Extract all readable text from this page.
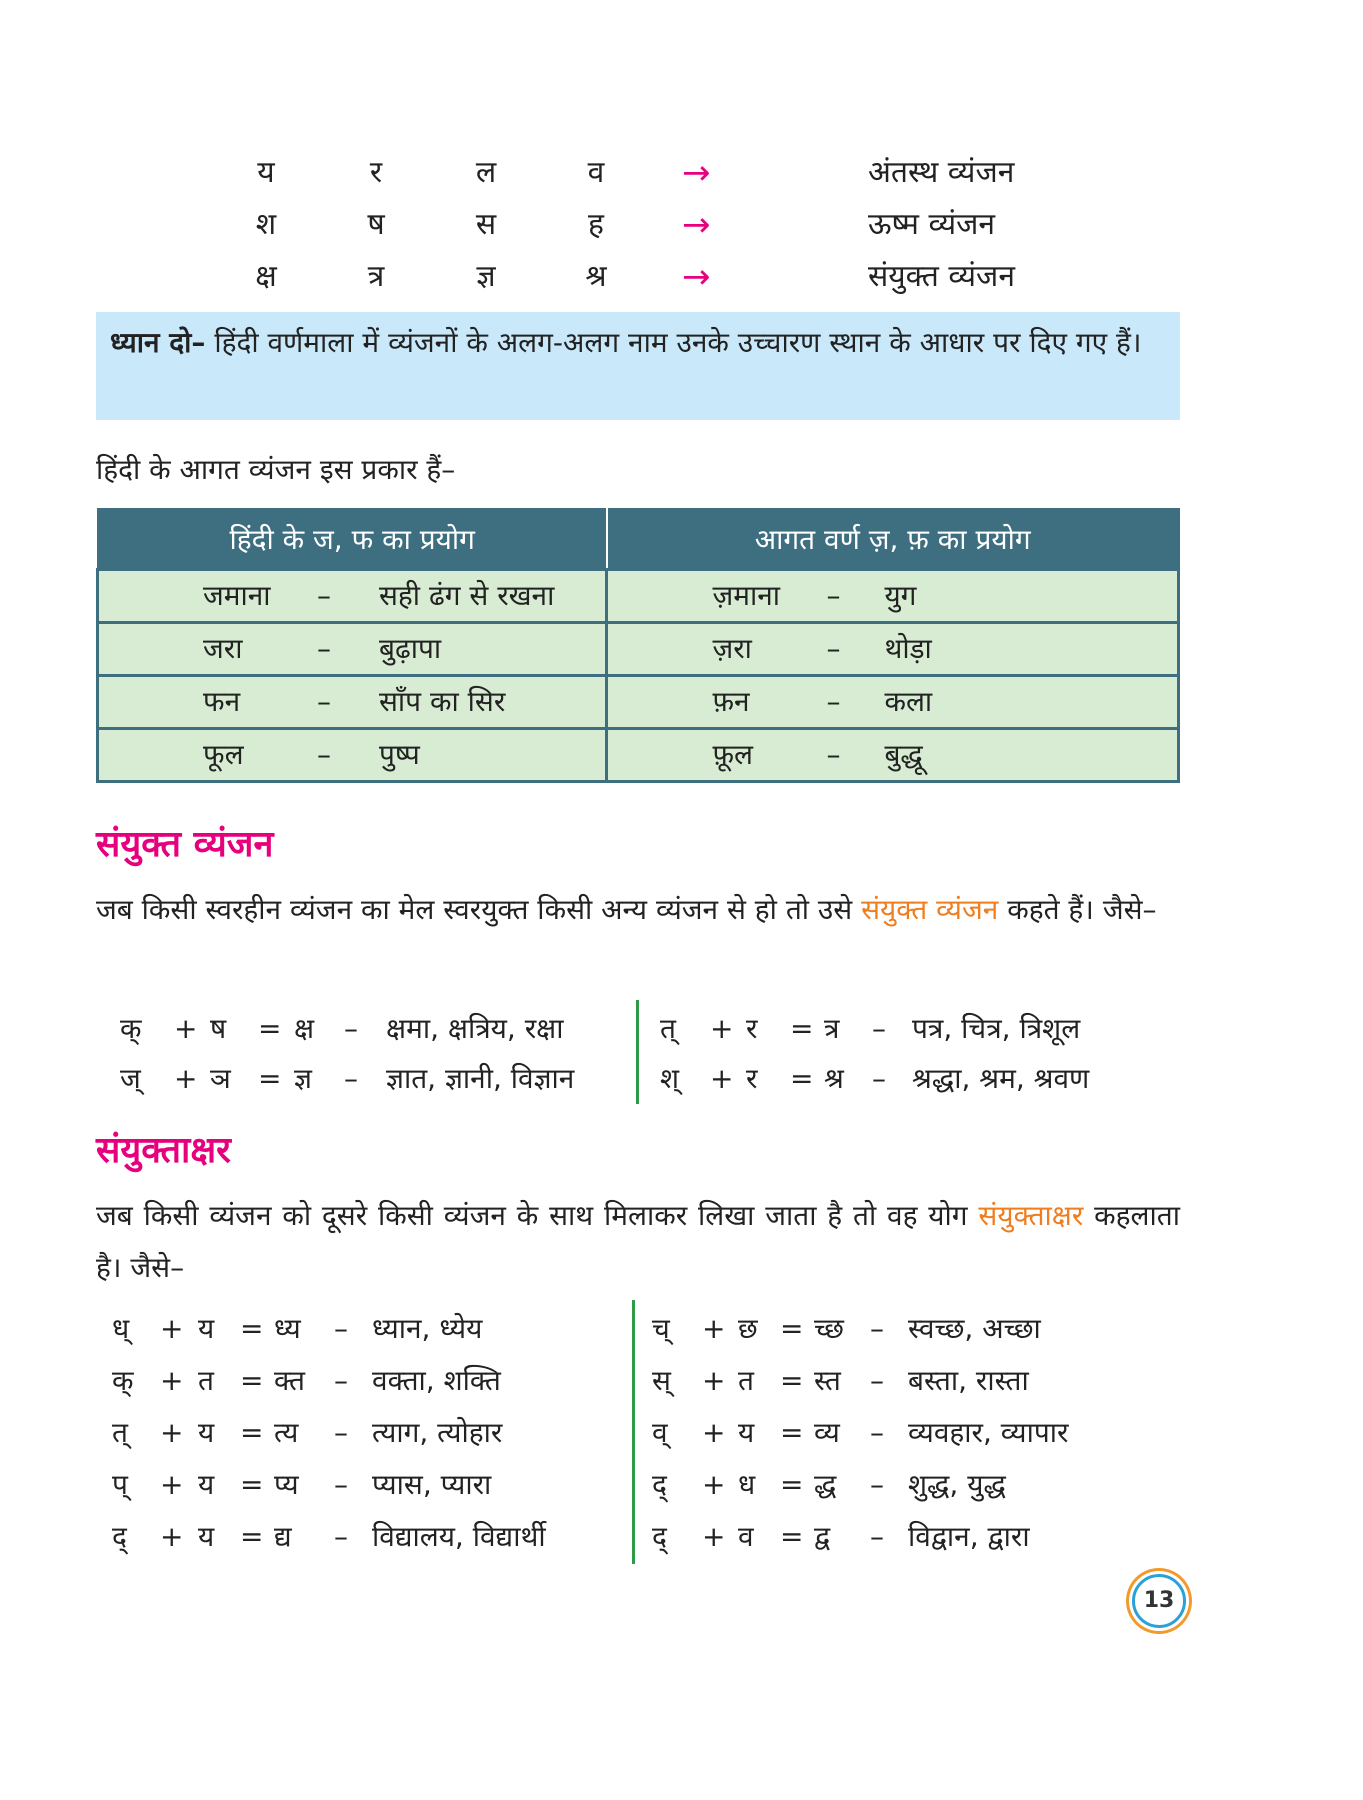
य	र	ल	व	→	अंतस्थ व्यंजन
श	ष	स	ह	→	ऊष्म व्यंजन
क्ष	त्र	ज्ञ	श्र	→	संयुक्त व्यंजन
ध्यान दो– हिंदी वर्णमाला में व्यंजनों के अलग-अलग नाम उनके उच्चारण स्थान के आधार पर दिए गए हैं।
हिंदी के आगत व्यंजन इस प्रकार हैं–
हिंदी के ज, फ का प्रयोग	आगत वर्ण ज़, फ़ का प्रयोग

जमाना – सही ढंग से रखना	ज़माना – युग

जरा – बुढ़ापा	ज़रा – थोड़ा

फन – साँप का सिर	फ़न – कला

फूल – पुष्प	फ़ूल – बुद्धू
संयुक्त व्यंजन
जब किसी स्वरहीन व्यंजन का मेल स्वरयुक्त किसी अन्य व्यंजन से हो तो उसे संयुक्त व्यंजन कहते हैं। जैसे–
क् + ष = क्ष – क्षमा, क्षत्रिय, रक्षा	त् + र = त्र – पत्र, चित्र, त्रिशूल
ज् + ञ = ज्ञ – ज्ञात, ज्ञानी, विज्ञान	श् + र = श्र – श्रद्धा, श्रम, श्रवण
संयुक्ताक्षर
जब किसी व्यंजन को दूसरे किसी व्यंजन के साथ मिलाकर लिखा जाता है तो वह योग संयुक्ताक्षर कहलाता है। जैसे–
ध् + य = ध्य – ध्यान, ध्येय	च् + छ = च्छ – स्वच्छ, अच्छा
क् + त = क्त – वक्ता, शक्ति	स् + त = स्त – बस्ता, रास्ता
त् + य = त्य – त्याग, त्योहार	व् + य = व्य – व्यवहार, व्यापार
प् + य = प्य – प्यास, प्यारा	द् + ध = द्ध – शुद्ध, युद्ध
द् + य = द्य – विद्यालय, विद्यार्थी	द् + व = द्व – विद्वान, द्वारा
13
